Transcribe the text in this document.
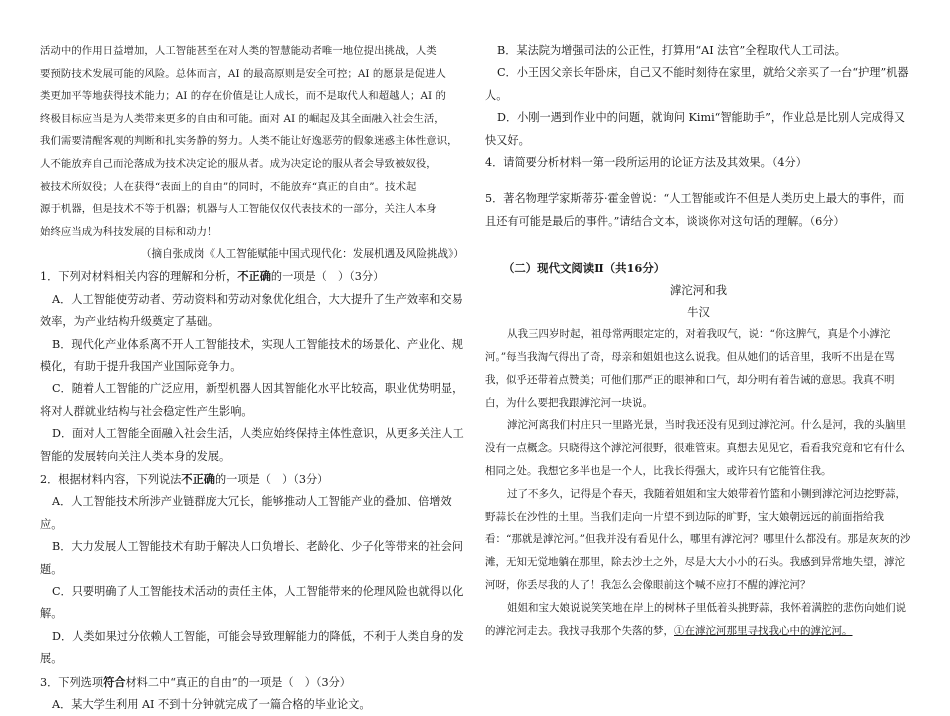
活动中的作用日益增加，人工智能甚至在对人类的智慧能动者唯一地位提出挑战，人类

要预防技术发展可能的风险。总体而言，AI 的最高原则是安全可控；AI 的愿景是促进人

类更加平等地获得技术能力；AI 的存在价值是让人成长，而不是取代人和超越人；AI 的

终极目标应当是为人类带来更多的自由和可能。面对 AI 的崛起及其全面融入社会生活，

我们需要清醒客观的判断和扎实务静的努力。人类不能让好逸恶劳的假象迷惑主体性意识，

人不能放弃自己而沦落成为技术决定论的服从者。成为决定论的服从者会导致被奴役，

被技术所奴役；人在获得“表面上的自由”的同时，不能放弃“真正的自由”。技术起

源于机器，但是技术不等于机器；机器与人工智能仅仅代表技术的一部分，关注人本身

始终应当成为科技发展的目标和动力！

（摘自张成岗《人工智能赋能中国式现代化：发展机遇及风险挑战》）

1．下列对材料相关内容的理解和分析，不正确的一项是（　）（3分）

A．人工智能使劳动者、劳动资料和劳动对象优化组合，大大提升了生产效率和交易效率，为产业结构升级奠定了基础。

B．现代化产业体系离不开人工智能技术，实现人工智能技术的场景化、产业化、规模化，有助于提升我国产业国际竞争力。

C．随着人工智能的广泛应用，新型机器人因其智能化水平比较高，职业优势明显，将对人群就业结构与社会稳定性产生影响。

D．面对人工智能全面融入社会生活，人类应始终保持主体性意识，从更多关注人工智能的发展转向关注人类本身的发展。

2．根据材料内容，下列说法不正确的一项是（　）（3分）

A．人工智能技术所涉产业链群庞大冗长，能够推动人工智能产业的叠加、倍增效应。

B．大力发展人工智能技术有助于解决人口负增长、老龄化、少子化等带来的社会问题。

C．只要明确了人工智能技术活动的责任主体，人工智能带来的伦理风险也就得以化解。

D．人类如果过分依赖人工智能，可能会导致理解能力的降低，不利于人类自身的发展。

3．下列选项符合材料二中“真正的自由”的一项是（　）（3分）

A．某大学生利用 AI 不到十分钟就完成了一篇合格的毕业论文。

B．某法院为增强司法的公正性，打算用“AI 法官”全程取代人工司法。

C．小王因父亲长年卧床，自己又不能时刻待在家里，就给父亲买了一台“护理”机器人。

D．小刚一遇到作业中的问题，就询问 Kimi“智能助手”，作业总是比别人完成得又快又好。

4．请简要分析材料一第一段所运用的论证方法及其效果。（4分）

5．著名物理学家斯蒂芬·霍金曾说：“人工智能或许不但是人类历史上最大的事件，而且还有可能是最后的事件。”请结合文本，谈谈你对这句话的理解。（6分）

（二）现代文阅读Ⅱ（共16分）

滹沱河和我

牛汉

从我三四岁时起，祖母常两眼定定的，对着我叹气，说：“你这脾气，真是个小滹沱河。”每当我淘气得出了奇，母亲和姐姐也这么说我。但从她们的话音里，我听不出是在骂我，似乎还带着点赞美；可他们那严正的眼神和口气，却分明有着告诫的意思。我真不明白，为什么要把我跟滹沱河一块说。

滹沱河离我们村庄只一里路光景，当时我还没有见到过滹沱河。什么是河，我的头脑里没有一点概念。只晓得这个滹沱河很野，很难管束。真想去见见它，看看我究竟和它有什么相同之处。我想它多半也是一个人，比我长得强大，或许只有它能管住我。

过了不多久，记得是个春天，我随着姐姐和宝大娘带着竹篮和小铡到滹沱河边挖野蒜，野蒜长在沙性的土里。当我们走向一片望不到边际的旷野，宝大娘朝远远的前面指给我看：“那就是滹沱河。”但我并没有看见什么，哪里有滹沱河？哪里什么都没有。那是灰灰的沙滩，无知无觉地躺在那里，除去沙土之外，尽是大大小小的石头。我感到异常地失望，滹沱河呀，你丢尽我的人了！我怎么会像眼前这个喊不应打不醒的滹沱河？

姐姐和宝大娘说说笑笑地在岸上的树林子里低着头挑野蒜，我怀着满腔的悲伤向她们说的滹沱河走去。我找寻我那个失落的梦，①在滹沱河那里寻找我心中的滹沱河。
